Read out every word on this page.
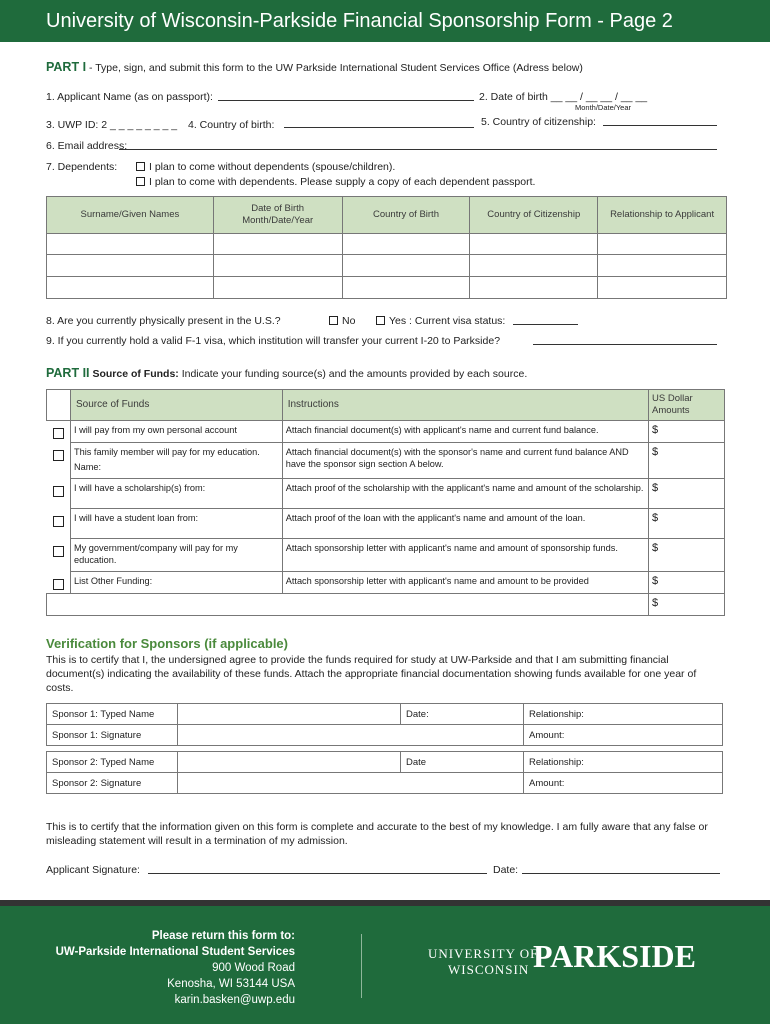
University of Wisconsin-Parkside Financial Sponsorship Form - Page 2
PART I - Type, sign, and submit this form to the UW Parkside International Student Services Office (Adress below)
1. Applicant Name (as on passport):	2. Date of birth __ __ / __ __ / __ __
Month/Date/Year
3. UWP ID: 2 _ _ _ _ _ _ _ _ 4. Country of birth:	5. Country of citizenship:
6. Email address:
7. Dependents:	I plan to come without dependents (spouse/children).
I plan to come with dependents. Please supply a copy of each dependent passport.
Surname/Given Names	Date of Birth
Month/Date/Year	Country of Birth	Country of Citizenship	Relationship to Applicant

8. Are you currently physically present in the U.S.?	No	Yes : Current visa status:
9. If you currently hold a valid F-1 visa, which institution will transfer your current I-20 to Parkside?
PART II Source of Funds: Indicate your funding source(s) and the amounts provided by each source.
	Source of Funds	Instructions	US Dollar Amounts

	I will pay from my own personal account	Attach financial document(s) with applicant's name and current fund balance.	$

	This family member will pay for my education.

Name:	Attach financial document(s) with the sponsor's name and current fund balance AND have the sponsor sign section A below.	$

	I will have a scholarship(s) from:	Attach proof of the scholarship with the applicant's name and amount of the scholarship.	$

	I will have a student loan from:	Attach proof of the loan with the applicant's name and amount of the loan.	$

	My government/company will pay for my education.	Attach sponsorship letter with applicant's name and amount of sponsorship funds.	$

	List Other Funding:	Attach sponsorship letter with applicant's name and amount to be provided	$
			$
Verification for Sponsors (if applicable)
This is to certify that I, the undersigned agree to provide the funds required for study at UW-Parkside and that I am submitting financial document(s) indicating the availability of these funds. Attach the appropriate financial documentation showing funds available for one year of costs.
Sponsor 1: Typed Name		Date:	Relationship:
Sponsor 1: Signature			Amount:
Sponsor 2: Typed Name		Date	Relationship:
Sponsor 2: Signature			Amount:
This is to certify that the information given on this form is complete and accurate to the best of my knowledge. I am fully aware that any false or misleading statement will result in a termination of my admission.
Applicant Signature:	Date:
Please return this form to:
UW-Parkside International Student Services
900 Wood Road
Kenosha, WI 53144 USA
karin.basken@uwp.edu
UNIVERSITY OF
WISCONSIN PARKSIDE
